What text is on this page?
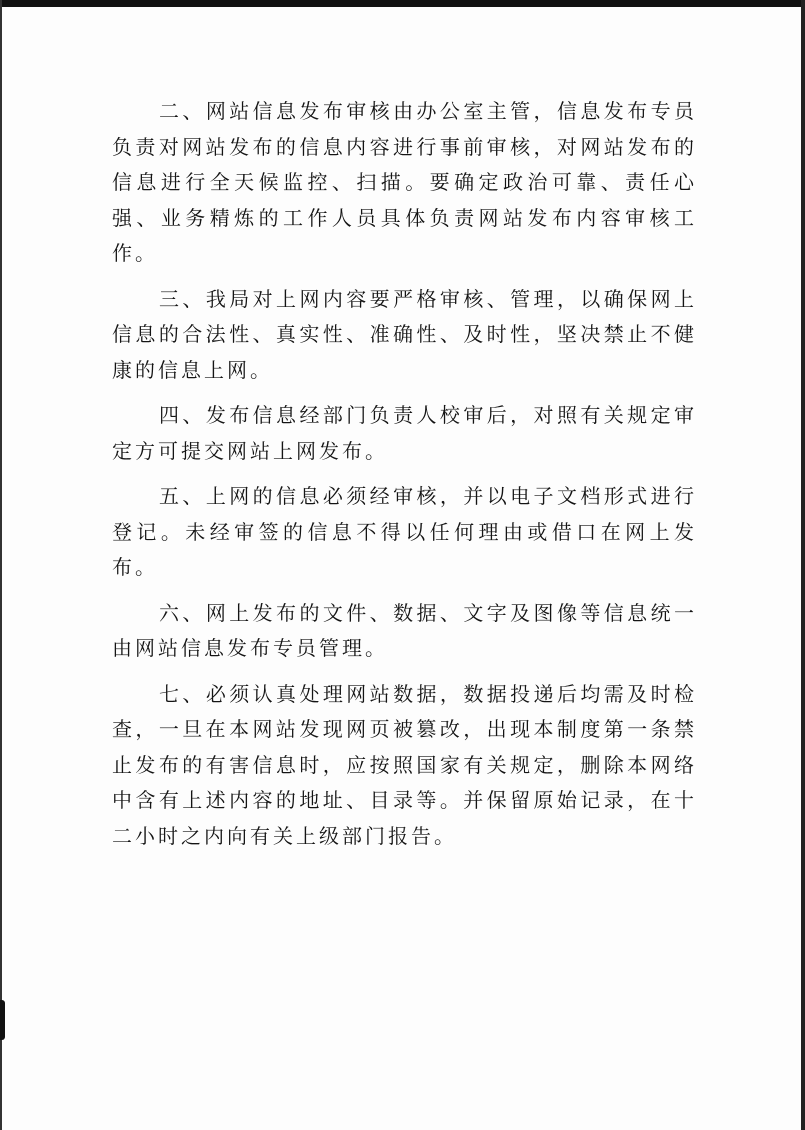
二、网站信息发布审核由办公室主管，信息发布专员负责对网站发布的信息内容进行事前审核，对网站发布的信息进行全天候监控、扫描。要确定政治可靠、责任心强、业务精炼的工作人员具体负责网站发布内容审核工作。

三、我局对上网内容要严格审核、管理，以确保网上信息的合法性、真实性、准确性、及时性，坚决禁止不健康的信息上网。

四、发布信息经部门负责人校审后，对照有关规定审定方可提交网站上网发布。

五、上网的信息必须经审核，并以电子文档形式进行登记。未经审签的信息不得以任何理由或借口在网上发布。

六、网上发布的文件、数据、文字及图像等信息统一由网站信息发布专员管理。

七、必须认真处理网站数据，数据投递后均需及时检查，一旦在本网站发现网页被篡改，出现本制度第一条禁止发布的有害信息时，应按照国家有关规定，删除本网络中含有上述内容的地址、目录等。并保留原始记录，在十二小时之内向有关上级部门报告。
